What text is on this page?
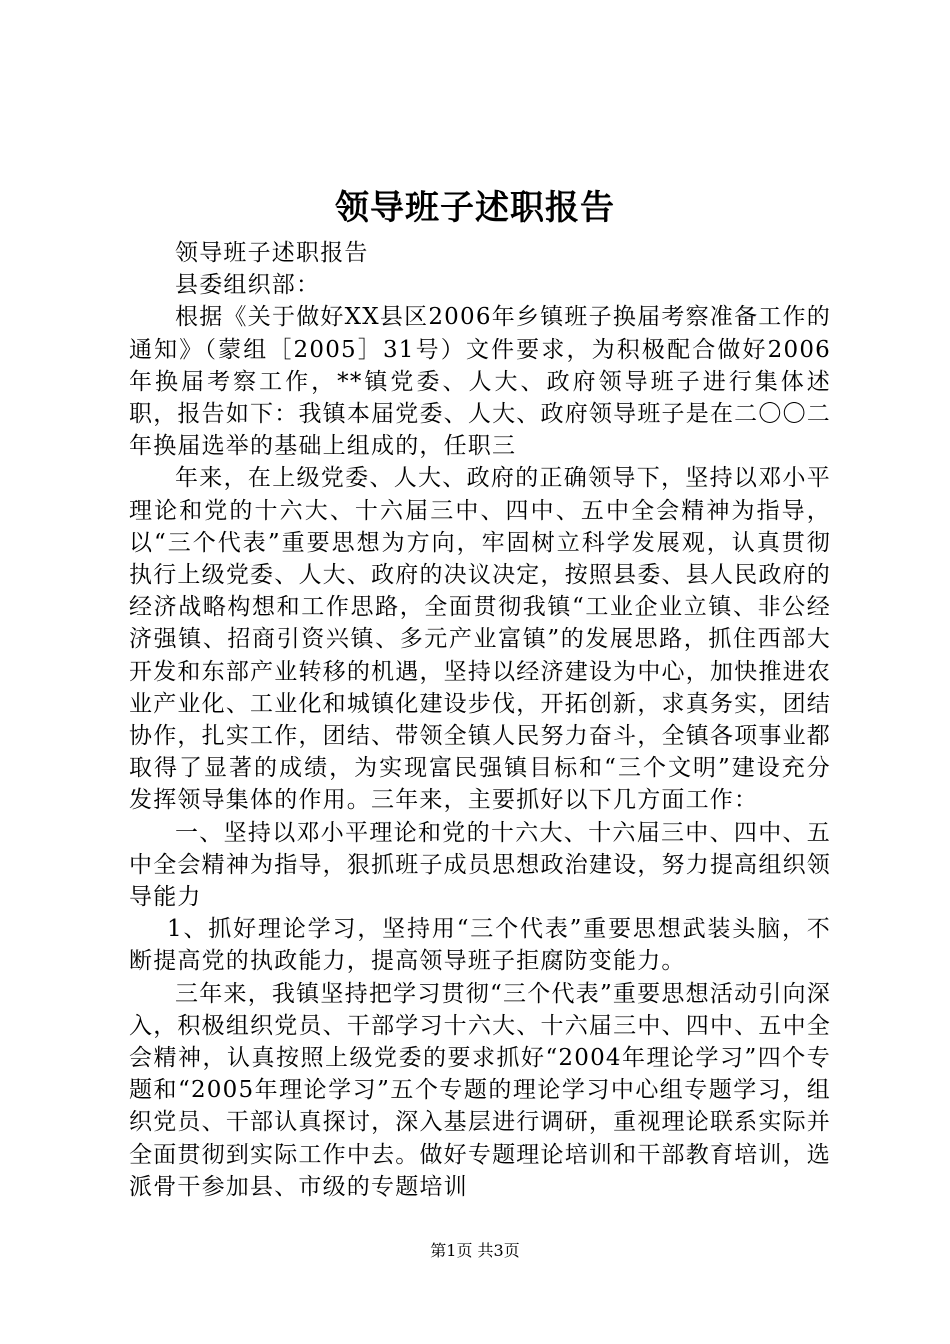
领导班子述职报告

领导班子述职报告

县委组织部：

根据《关于做好XX县区2006年乡镇班子换届考察准备工作的通知》（蒙组［2005］31号）文件要求，为积极配合做好2006年换届考察工作，**镇党委、人大、政府领导班子进行集体述职，报告如下：我镇本届党委、人大、政府领导班子是在二〇〇二年换届选举的基础上组成的，任职三

年来，在上级党委、人大、政府的正确领导下，坚持以邓小平理论和党的十六大、十六届三中、四中、五中全会精神为指导，以“三个代表”重要思想为方向，牢固树立科学发展观，认真贯彻执行上级党委、人大、政府的决议决定，按照县委、县人民政府的经济战略构想和工作思路，全面贯彻我镇“工业企业立镇、非公经济强镇、招商引资兴镇、多元产业富镇”的发展思路，抓住西部大开发和东部产业转移的机遇，坚持以经济建设为中心，加快推进农业产业化、工业化和城镇化建设步伐，开拓创新，求真务实，团结协作，扎实工作，团结、带领全镇人民努力奋斗，全镇各项事业都取得了显著的成绩，为实现富民强镇目标和“三个文明”建设充分发挥领导集体的作用。三年来，主要抓好以下几方面工作：

一、坚持以邓小平理论和党的十六大、十六届三中、四中、五中全会精神为指导，狠抓班子成员思想政治建设，努力提高组织领导能力

1、抓好理论学习，坚持用“三个代表”重要思想武装头脑，不断提高党的执政能力，提高领导班子拒腐防变能力。

三年来，我镇坚持把学习贯彻“三个代表”重要思想活动引向深入，积极组织党员、干部学习十六大、十六届三中、四中、五中全会精神，认真按照上级党委的要求抓好“2004年理论学习”四个专题和“2005年理论学习”五个专题的理论学习中心组专题学习，组织党员、干部认真探讨，深入基层进行调研，重视理论联系实际并全面贯彻到实际工作中去。做好专题理论培训和干部教育培训，选派骨干参加县、市级的专题培训

第1页 共3页
